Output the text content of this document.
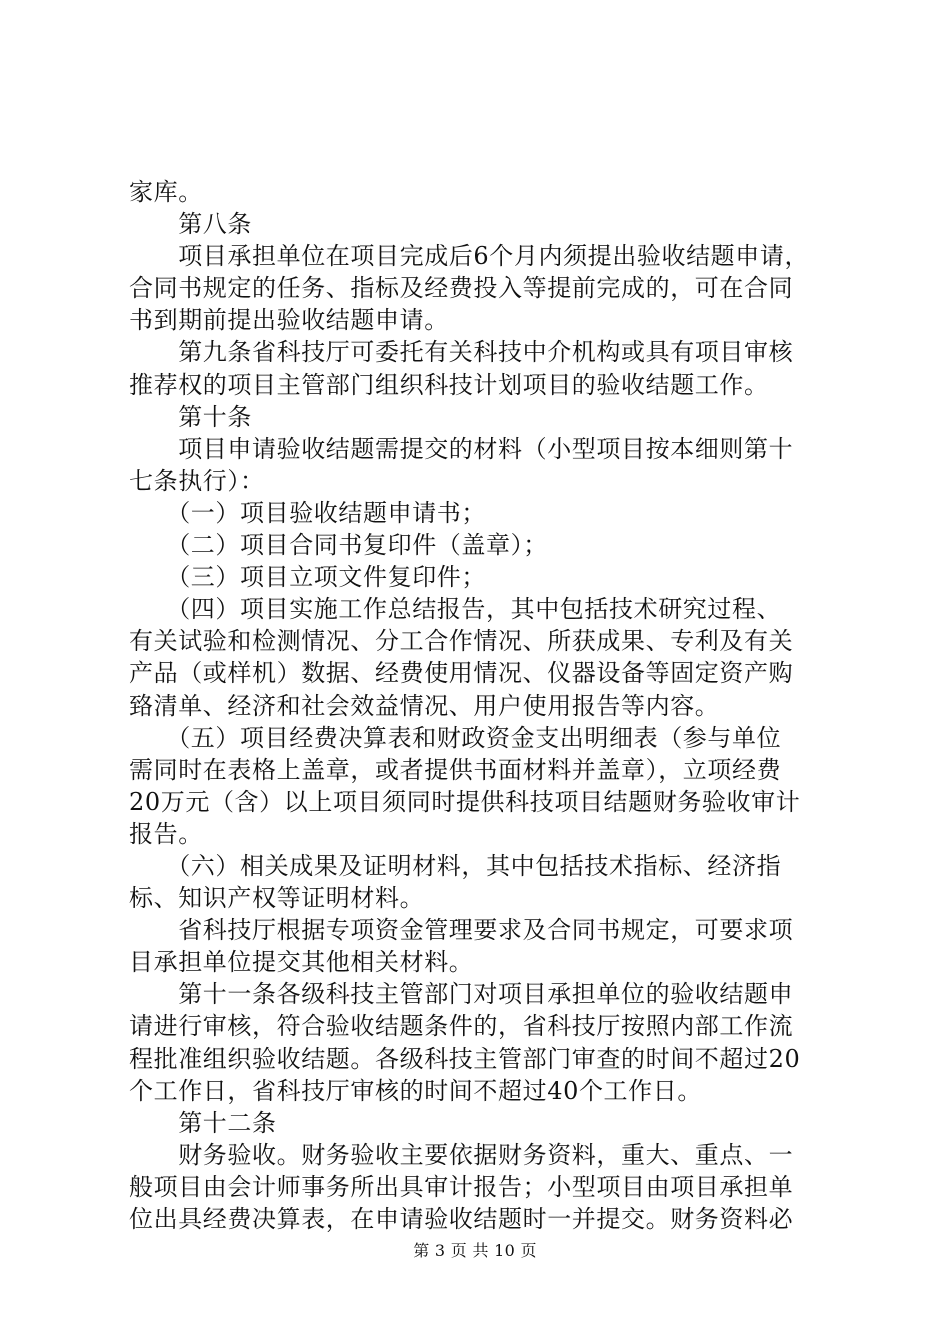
家库。
　　第八条
　　项目承担单位在项目完成后6个月内须提出验收结题申请，
合同书规定的任务、指标及经费投入等提前完成的，可在合同
书到期前提出验收结题申请。
　　第九条省科技厅可委托有关科技中介机构或具有项目审核
推荐权的项目主管部门组织科技计划项目的验收结题工作。
　　第十条
　　项目申请验收结题需提交的材料（小型项目按本细则第十
七条执行）：
　　（一）项目验收结题申请书；
　　（二）项目合同书复印件（盖章）；
　　（三）项目立项文件复印件；
　　（四）项目实施工作总结报告，其中包括技术研究过程、
有关试验和检测情况、分工合作情况、所获成果、专利及有关
产品（或样机）数据、经费使用情况、仪器设备等固定资产购
臵清单、经济和社会效益情况、用户使用报告等内容。
　　（五）项目经费决算表和财政资金支出明细表（参与单位
需同时在表格上盖章，或者提供书面材料并盖章），立项经费
20万元（含）以上项目须同时提供科技项目结题财务验收审计
报告。
　　（六）相关成果及证明材料，其中包括技术指标、经济指
标、知识产权等证明材料。
　　省科技厅根据专项资金管理要求及合同书规定，可要求项
目承担单位提交其他相关材料。
　　第十一条各级科技主管部门对项目承担单位的验收结题申
请进行审核，符合验收结题条件的，省科技厅按照内部工作流
程批准组织验收结题。各级科技主管部门审查的时间不超过20
个工作日，省科技厅审核的时间不超过40个工作日。
　　第十二条
　　财务验收。财务验收主要依据财务资料，重大、重点、一
般项目由会计师事务所出具审计报告；小型项目由项目承担单
位出具经费决算表，在申请验收结题时一并提交。财务资料必
第 3 页 共 10 页
